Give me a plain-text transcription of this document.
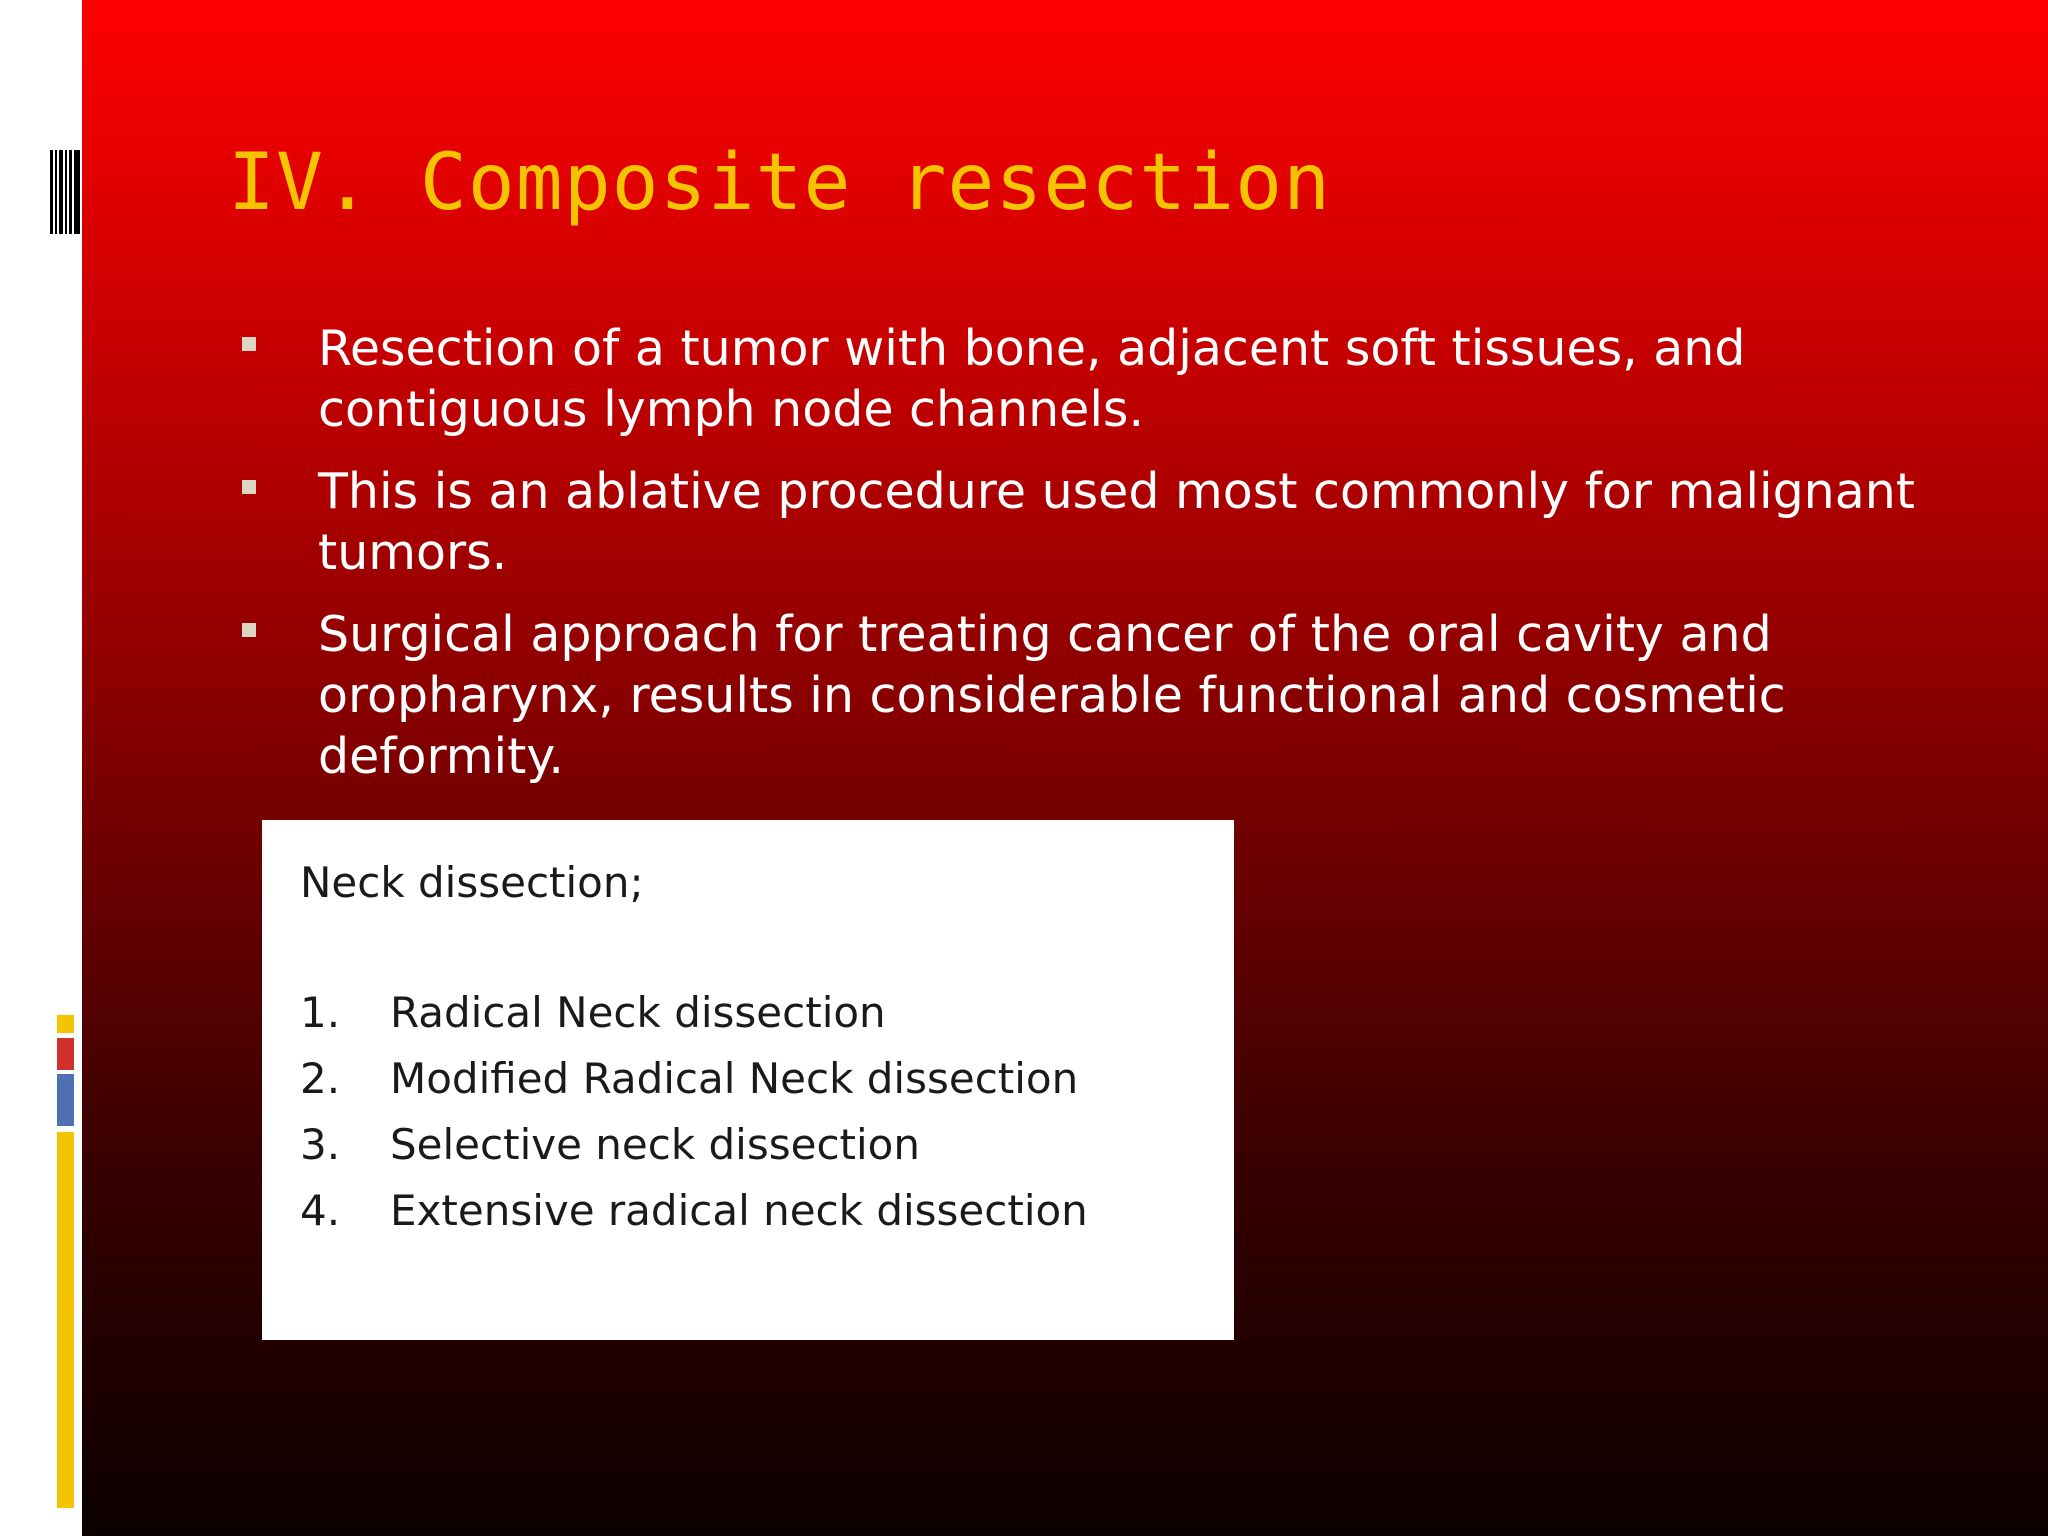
IV. Composite resection
Resection of a tumor with bone, adjacent soft tissues, and contiguous lymph node channels.
This is an ablative procedure used most commonly for malignant tumors.
Surgical approach for treating cancer of the oral cavity and oropharynx, results in considerable functional and cosmetic deformity.
Neck dissection;
1.	Radical Neck dissection
2.	Modified Radical Neck dissection
3.	Selective neck dissection
4.	Extensive radical neck dissection
